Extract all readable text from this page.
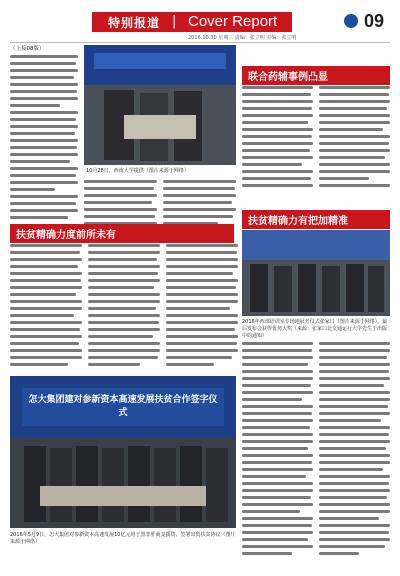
特别报道 | Cover Report	09
2016.10.30 星期三 责编：张立明 美编：张立明
（上接08版）
10月28日，西南大学提供（图片来源于网络）
联合药辅事例凸显
扶贫精确力有把加精准
2016年西部培训室专场地展开仪式张家口（图片来源于网络），最后发布会获得优势大奖（来源：张家口北交通运行大学先生于出版中的通知）
扶贫精确力度前所未有
怎大集团建对参新资本高速发展扶贫合作签字仪式
2016年5月9日，怎大集团对参新资本高速发展10亿元用于黑非肝商支援资，签署出贸扶贫协议（图片来源于网络）
